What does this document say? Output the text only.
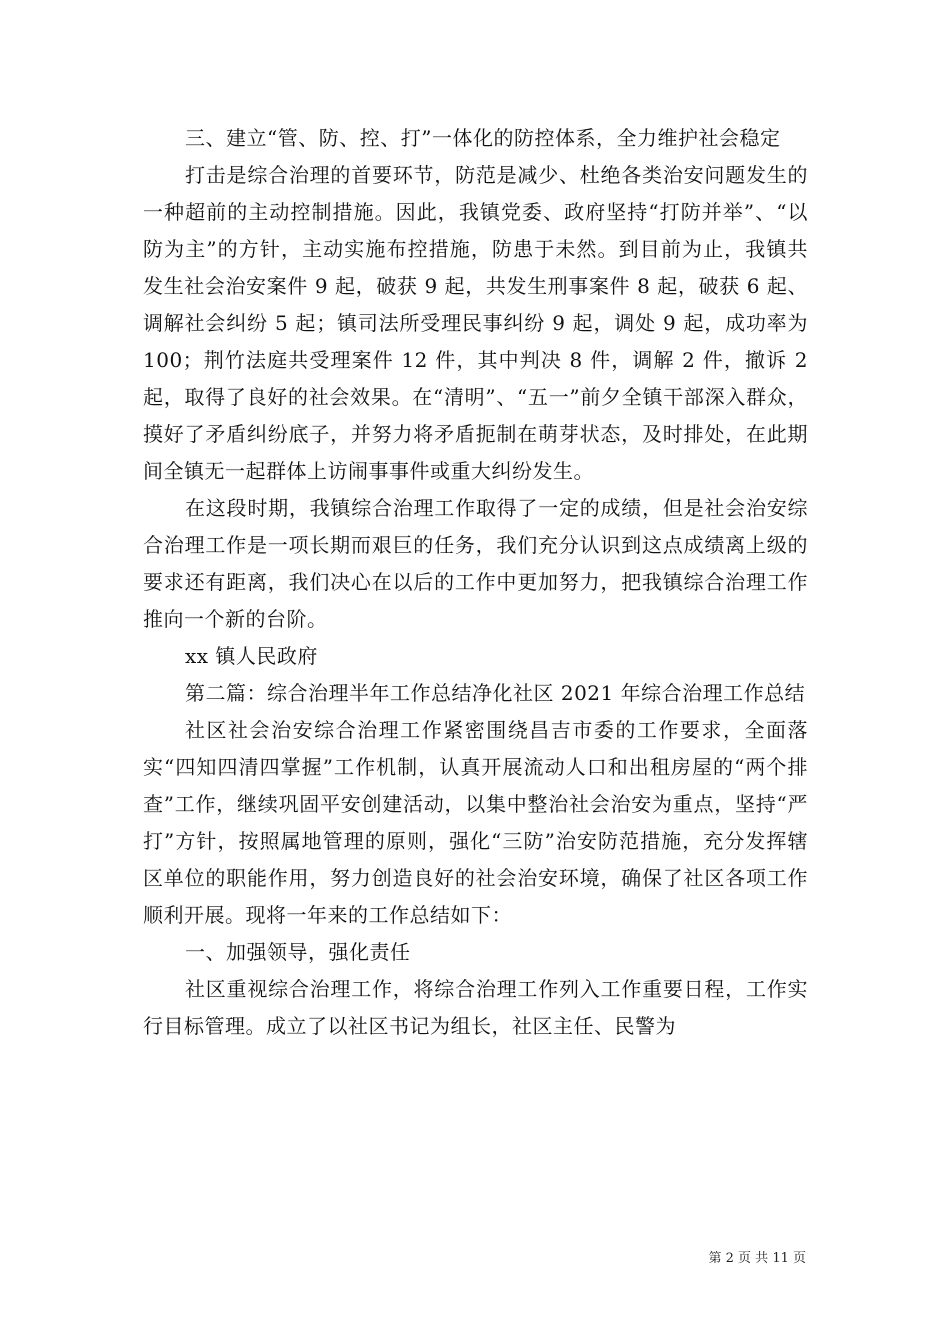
三、建立“管、防、控、打”一体化的防控体系，全力维护社会稳定

打击是综合治理的首要环节，防范是减少、杜绝各类治安问题发生的一种超前的主动控制措施。因此，我镇党委、政府坚持“打防并举”、“以防为主”的方针，主动实施布控措施，防患于未然。到目前为止，我镇共发生社会治安案件 9 起，破获 9 起，共发生刑事案件 8 起，破获 6 起、调解社会纠纷 5 起；镇司法所受理民事纠纷 9 起，调处 9 起，成功率为 100；荆竹法庭共受理案件 12 件，其中判决 8 件，调解 2 件，撤诉 2 起，取得了良好的社会效果。在“清明”、“五一”前夕全镇干部深入群众，摸好了矛盾纠纷底子，并努力将矛盾扼制在萌芽状态，及时排处，在此期间全镇无一起群体上访闹事事件或重大纠纷发生。

在这段时期，我镇综合治理工作取得了一定的成绩，但是社会治安综合治理工作是一项长期而艰巨的任务，我们充分认识到这点成绩离上级的要求还有距离，我们决心在以后的工作中更加努力，把我镇综合治理工作推向一个新的台阶。

xx 镇人民政府

第二篇：综合治理半年工作总结净化社区 2021 年综合治理工作总结

社区社会治安综合治理工作紧密围绕昌吉市委的工作要求，全面落实“四知四清四掌握”工作机制，认真开展流动人口和出租房屋的“两个排查”工作，继续巩固平安创建活动，以集中整治社会治安为重点，坚持“严打”方针，按照属地管理的原则，强化“三防”治安防范措施，充分发挥辖区单位的职能作用，努力创造良好的社会治安环境，确保了社区各项工作顺利开展。现将一年来的工作总结如下：

一、加强领导，强化责任

社区重视综合治理工作，将综合治理工作列入工作重要日程，工作实行目标管理。成立了以社区书记为组长，社区主任、民警为

第 2 页 共 11 页
